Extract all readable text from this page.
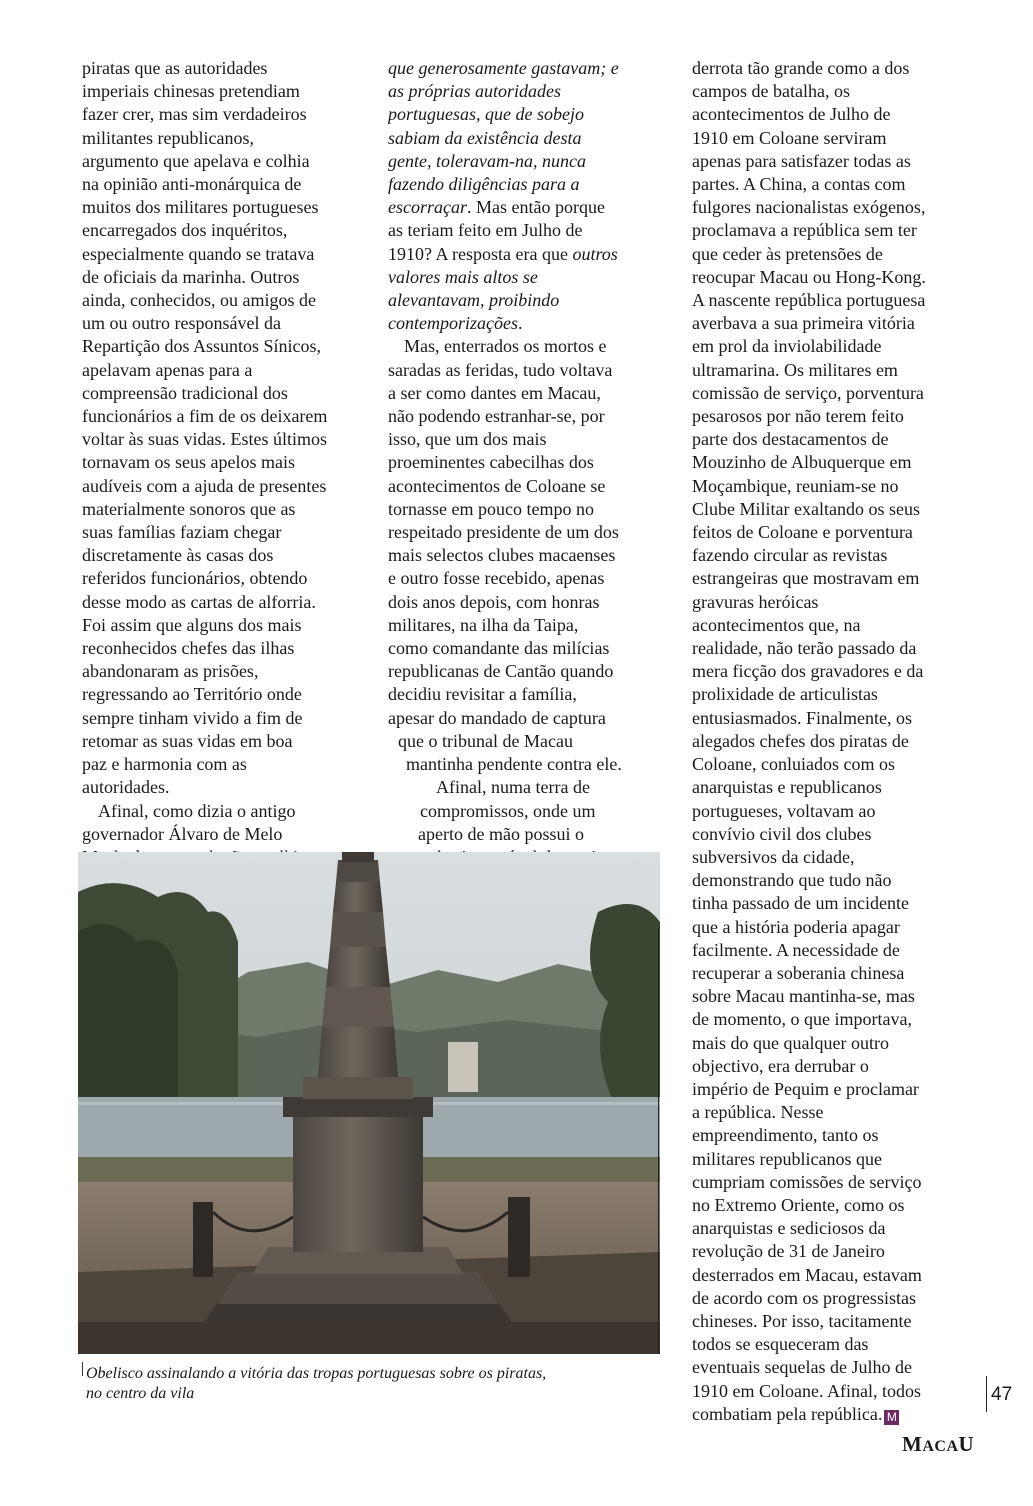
piratas que as autoridades
imperiais chinesas pretendiam
fazer crer, mas sim verdadeiros
militantes republicanos,
argumento que apelava e colhia
na opinião anti-monárquica de
muitos dos militares portugueses
encarregados dos inquéritos,
especialmente quando se tratava
de oficiais da marinha. Outros
ainda, conhecidos, ou amigos de
um ou outro responsável da
Repartição dos Assuntos Sínicos,
apelavam apenas para a
compreensão tradicional dos
funcionários a fim de os deixarem
voltar às suas vidas. Estes últimos
tornavam os seus apelos mais
audíveis com a ajuda de presentes
materialmente sonoros que as
suas famílias faziam chegar
discretamente às casas dos
referidos funcionários, obtendo
desse modo as cartas de alforria.
Foi assim que alguns dos mais
reconhecidos chefes das ilhas
abandonaram as prisões,
regressando ao Território onde
sempre tinham vivido a fim de
retomar as suas vidas em boa
paz e harmonia com as
autoridades.
Afinal, como dizia o antigo
governador Álvaro de Melo
que generosamente gastavam; e
as próprias autoridades
portuguesas, que de sobejo
sabiam da existência desta
gente, toleravam-na, nunca
fazendo diligências para a
escorraçar. Mas então porque
as teriam feito em Julho de
1910? A resposta era que outros
valores mais altos se
alevantavam, proibindo
contemporizações.
Mas, enterrados os mortos e
saradas as feridas, tudo voltava
a ser como dantes em Macau,
não podendo estranhar-se, por
isso, que um dos mais
proeminentes cabecilhas dos
acontecimentos de Coloane se
tornasse em pouco tempo no
respeitado presidente de um dos
mais selectos clubes macaenses
e outro fosse recebido, apenas
dois anos depois, com honras
militares, na ilha da Taipa,
como comandante das milícias
republicanas de Cantão quando
decidiu revisitar a família,
apesar do mandado de captura
que o tribunal de Macau
mantinha pendente contra ele.
Afinal, numa terra de
compromissos, onde um
aperto de mão possui o
derrota tão grande como a dos
campos de batalha, os
acontecimentos de Julho de
1910 em Coloane serviram
apenas para satisfazer todas as
partes. A China, a contas com
fulgores nacionalistas exógenos,
proclamava a república sem ter
que ceder às pretensões de
reocupar Macau ou Hong-Kong.
A nascente república portuguesa
averbava a sua primeira vitória
em prol da inviolabilidade
ultramarina. Os militares em
comissão de serviço, porventura
pesarosos por não terem feito
parte dos destacamentos de
Mouzinho de Albuquerque em
Moçambique, reuniam-se no
Clube Militar exaltando os seus
feitos de Coloane e porventura
fazendo circular as revistas
estrangeiras que mostravam em
gravuras heróicas
acontecimentos que, na
realidade, não terão passado da
mera ficção dos gravadores e da
prolixidade de articulistas
entusiasmados. Finalmente, os
alegados chefes dos piratas de
Coloane, conluiados com os
anarquistas e republicanos
portugueses, voltavam ao
convívio civil dos clubes
subversivos da cidade,
demonstrando que tudo não
tinha passado de um incidente
que a história poderia apagar
facilmente. A necessidade de
recuperar a soberania chinesa
sobre Macau mantinha-se, mas
de momento, o que importava,
mais do que qualquer outro
objectivo, era derrubar o
império de Pequim e proclamar
a república. Nesse
empreendimento, tanto os
militares republicanos que
cumpriam comissões de serviço
no Extremo Oriente, como os
anarquistas e sediciosos da
revolução de 31 de Janeiro
desterrados em Macau, estavam
de acordo com os progressistas
chineses. Por isso, tacitamente
todos se esqueceram das
eventuais sequelas de Julho de
1910 em Coloane. Afinal, todos
combatiam pela república. M
Obelisco assinalando a vitória das tropas portuguesas sobre os piratas,
no centro da vila	47
MACAU
